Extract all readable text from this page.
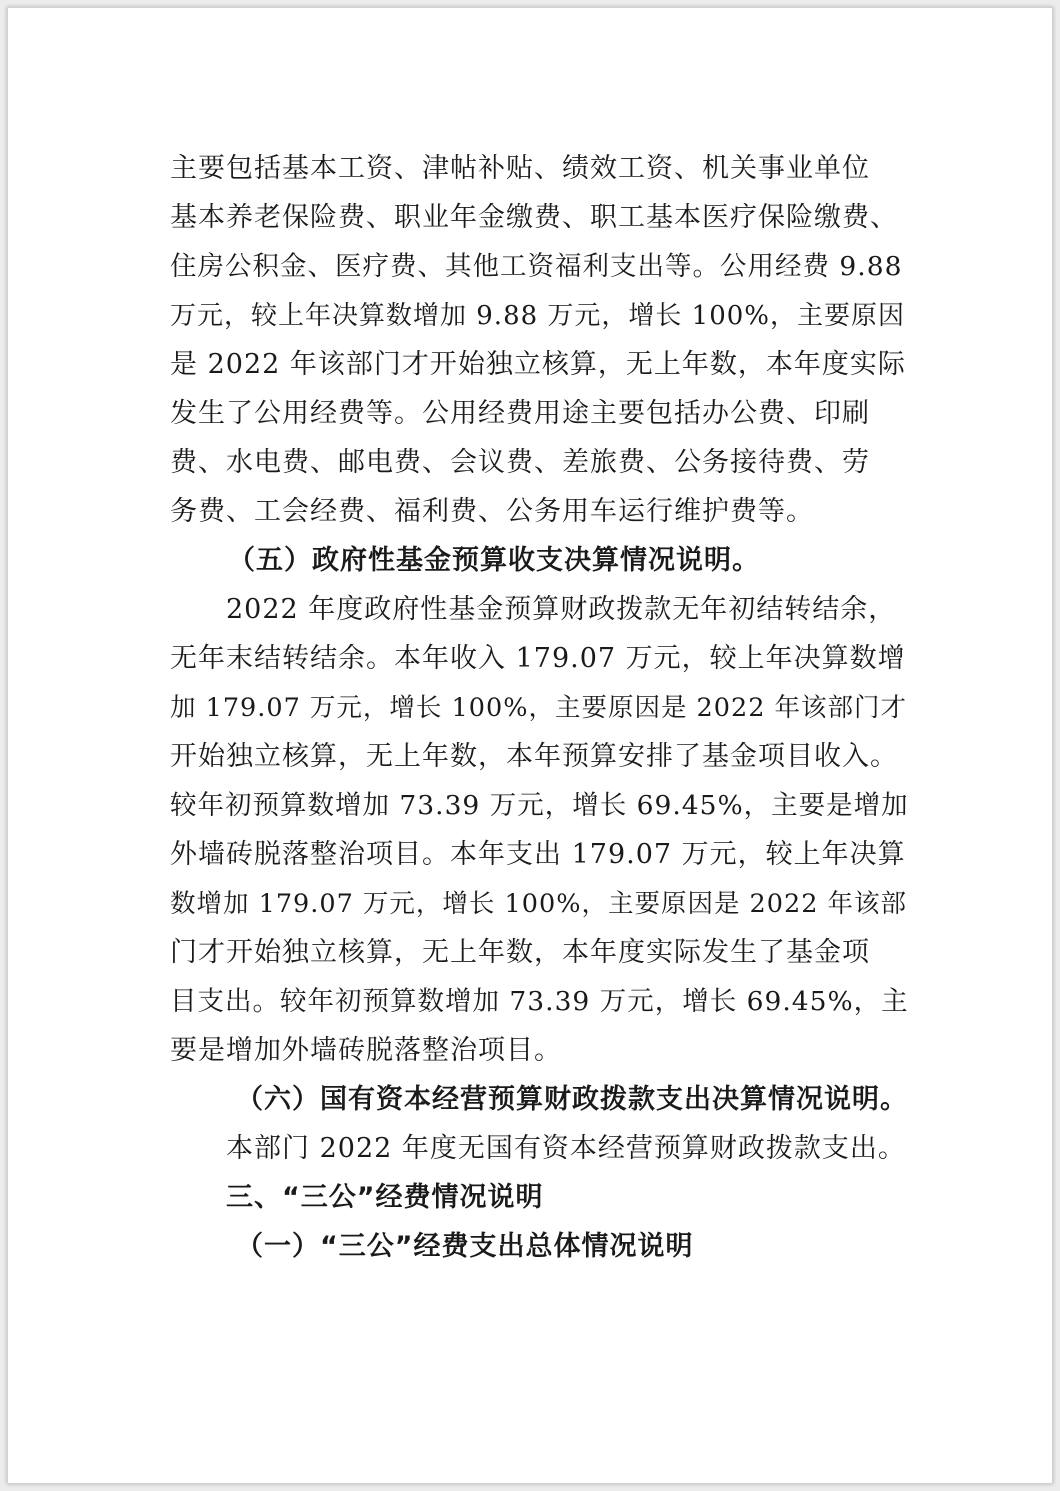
主要包括基本工资、津帖补贴、绩效工资、机关事业单位

基本养老保险费、职业年金缴费、职工基本医疗保险缴费、

住房公积金、医疗费、其他工资福利支出等。公用经费 9.88

万元，较上年决算数增加 9.88 万元，增长 100%，主要原因

是 2022 年该部门才开始独立核算，无上年数，本年度实际

发生了公用经费等。公用经费用途主要包括办公费、印刷

费、水电费、邮电费、会议费、差旅费、公务接待费、劳

务费、工会经费、福利费、公务用车运行维护费等。

（五）政府性基金预算收支决算情况说明。

2022 年度政府性基金预算财政拨款无年初结转结余，

无年末结转结余。本年收入 179.07 万元，较上年决算数增

加 179.07 万元，增长 100%，主要原因是 2022 年该部门才

开始独立核算，无上年数，本年预算安排了基金项目收入。

较年初预算数增加 73.39 万元，增长 69.45%，主要是增加

外墙砖脱落整治项目。本年支出 179.07 万元，较上年决算

数增加 179.07 万元，增长 100%，主要原因是 2022 年该部

门才开始独立核算，无上年数，本年度实际发生了基金项

目支出。较年初预算数增加 73.39 万元，增长 69.45%，主

要是增加外墙砖脱落整治项目。

（六）国有资本经营预算财政拨款支出决算情况说明。

本部门 2022 年度无国有资本经营预算财政拨款支出。

三、“三公”经费情况说明

（一）“三公”经费支出总体情况说明
